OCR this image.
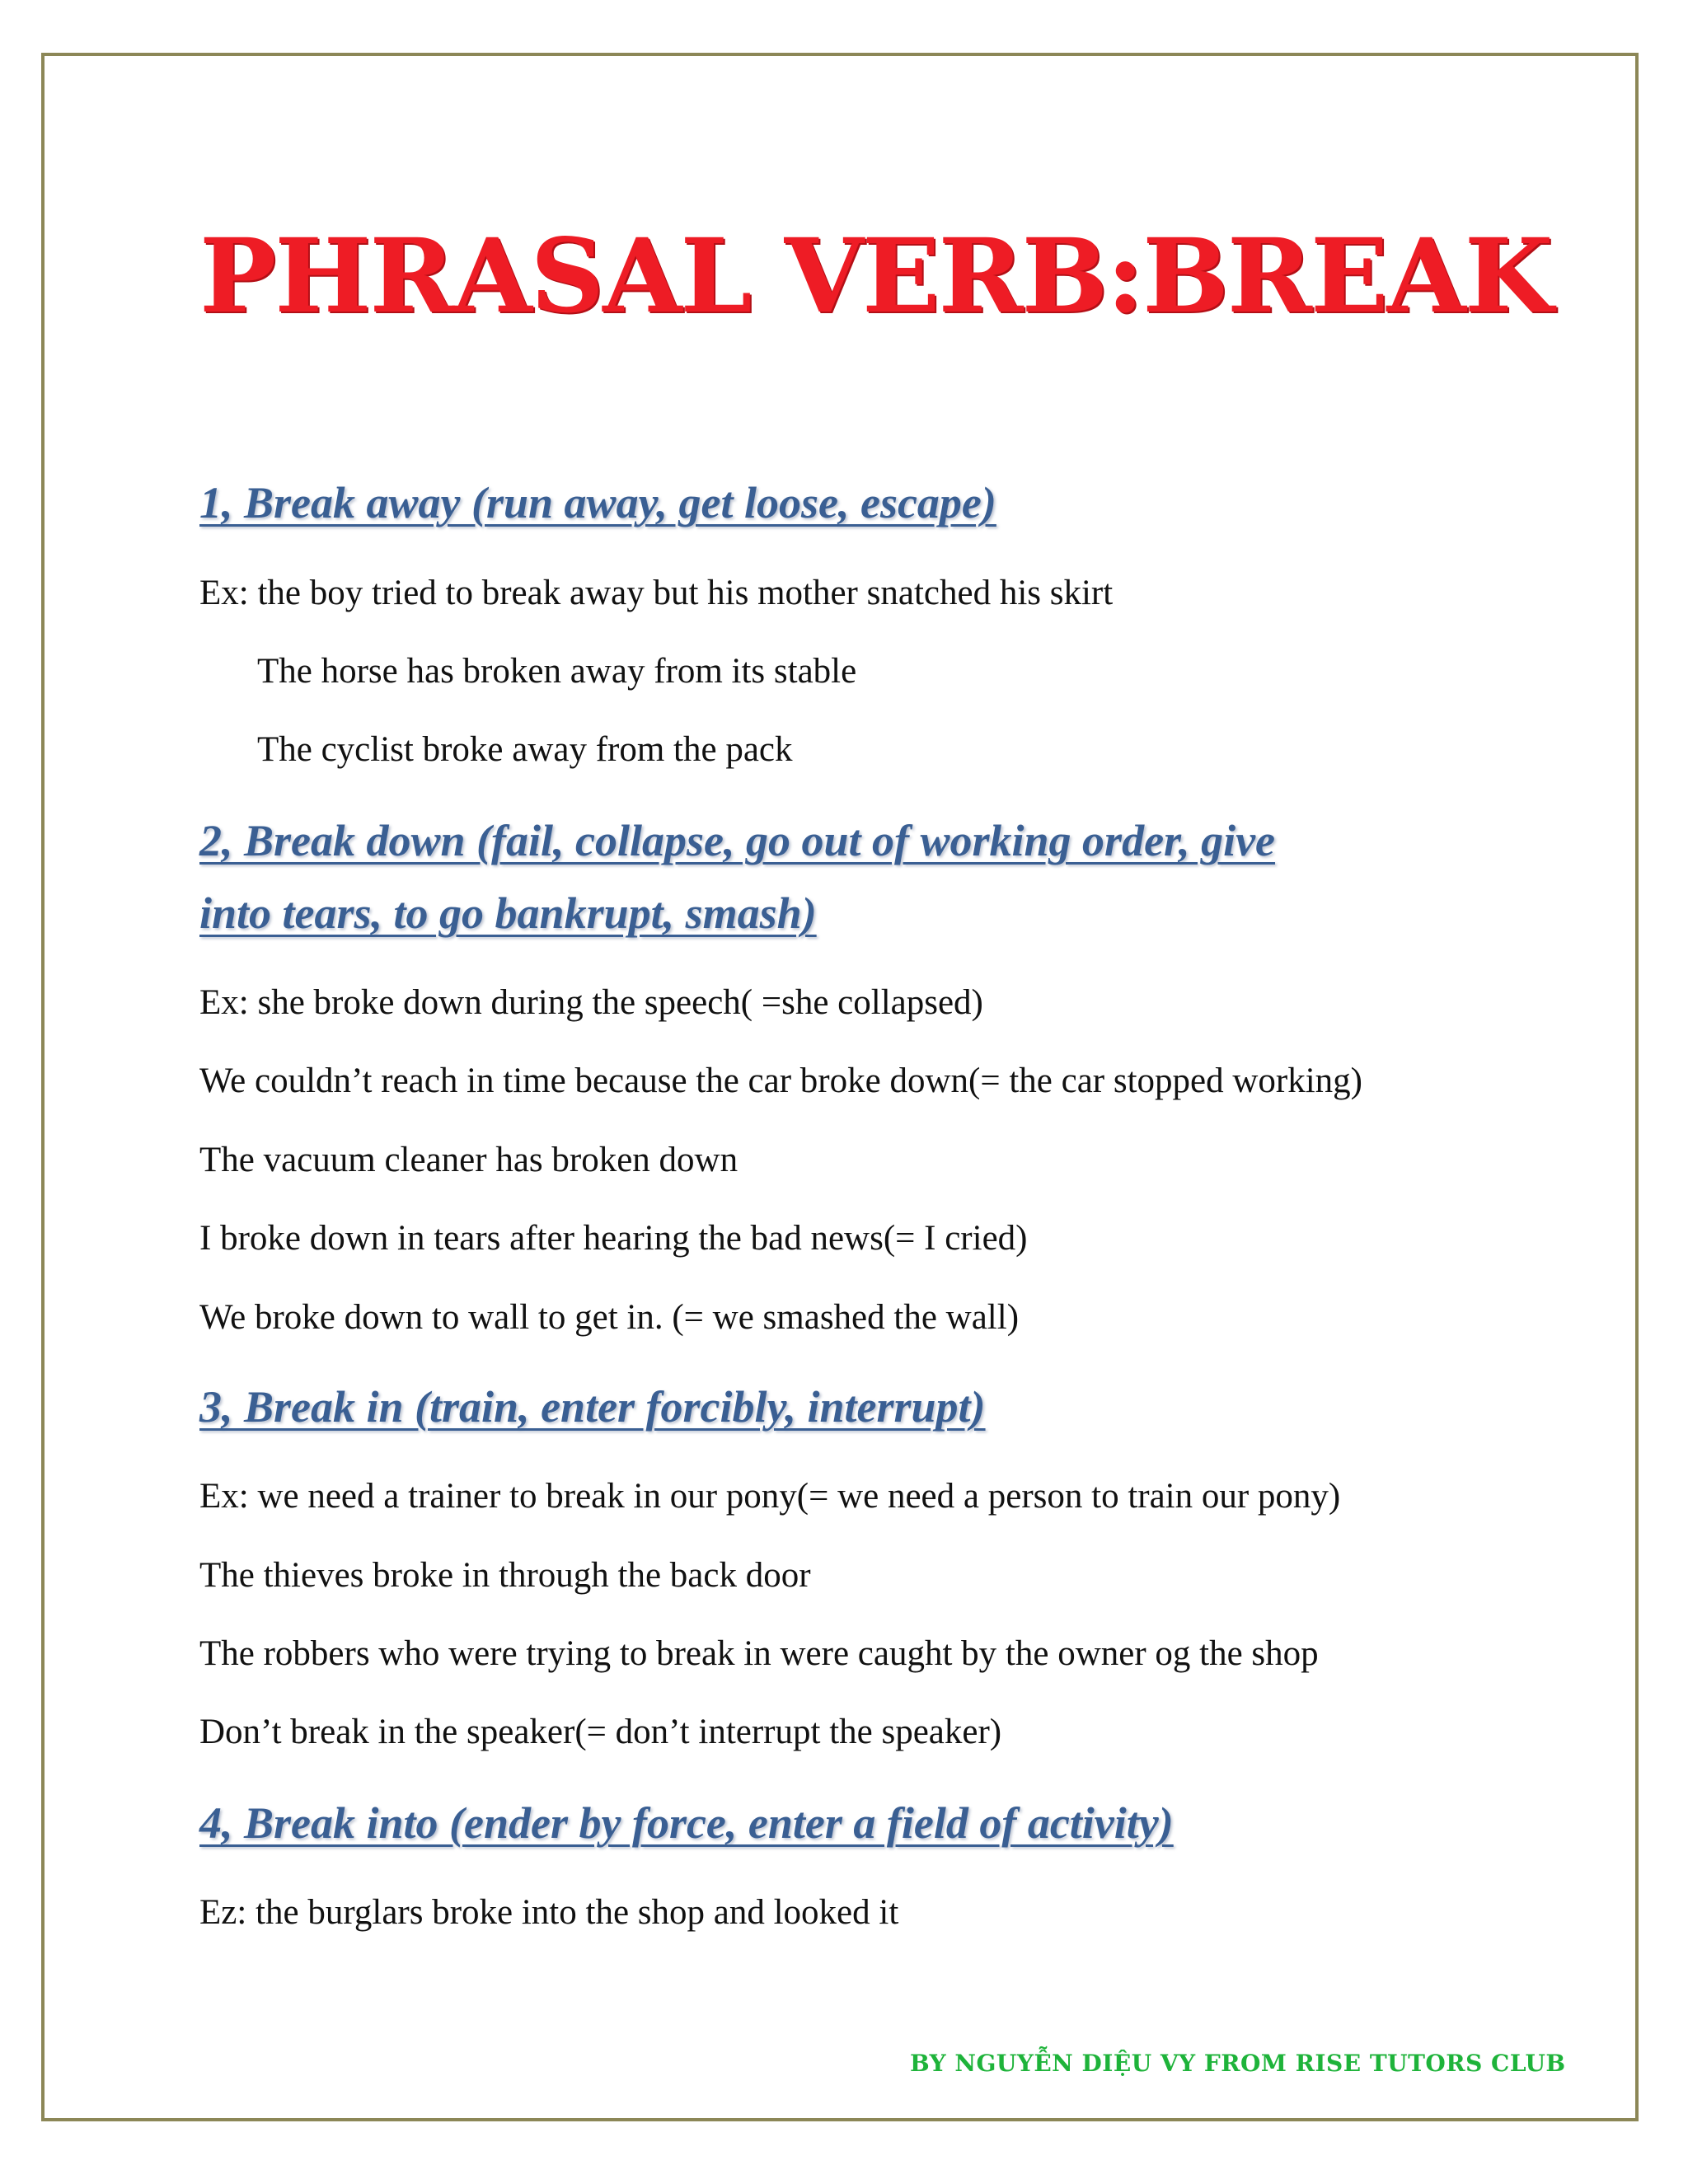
PHRASAL VERB:BREAK
1, Break away (run away, get loose, escape)

Ex: the boy tried to break away but his mother snatched his skirt

The horse has broken away from its stable

The cyclist broke away from the pack

2, Break down (fail, collapse, go out of working order, give
into tears, to go bankrupt, smash)

Ex: she broke down during the speech( =she collapsed)

We couldn’t reach in time because the car broke down(= the car stopped working)

The vacuum cleaner has broken down

I broke down in tears after hearing the bad news(= I cried)

We broke down to wall to get in. (= we smashed the wall)

3, Break in (train, enter forcibly, interrupt)

Ex: we need a trainer to break in our pony(= we need a person to train our pony)

The thieves broke in through the back door

The robbers who were trying to break in were caught by the owner og the shop

Don’t break in the speaker(= don’t interrupt the speaker)

4, Break into (ender by force, enter a field of activity)

Ez: the burglars broke into the shop and looked it

BY NGUYỄN DIỆU VY FROM RISE TUTORS CLUB
